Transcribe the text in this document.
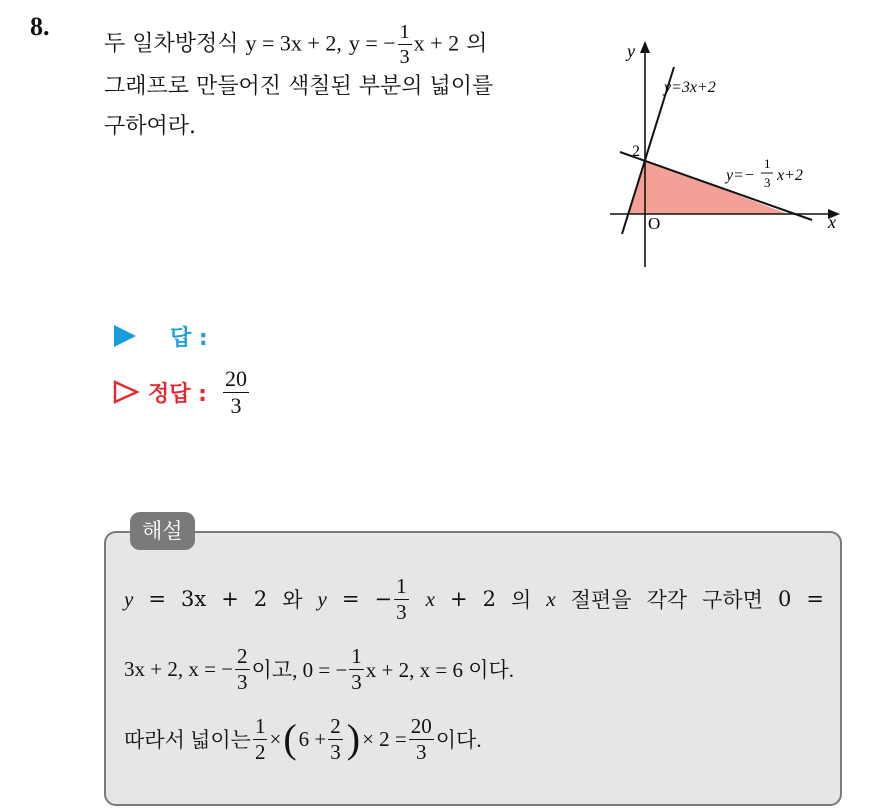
8.
두 일차방정식 y = 3x + 2, y = − $\frac{1}{3}$ x + 2 의
그래프로 만들어진 색칠된 부분의 넓이를
구하여라.
y
x
O
2
y=3x+2
y=−
1
3 x+2
답 :
정답 : $\frac{20}{3}$
해설
y = 3x + 2 와 y = − $\frac{1}{3}$ x + 2 의 x 절편을 각각 구하면 0 =
3x + 2, x = − $\frac{2}{3}$ 이고, 0 = − $\frac{1}{3}$ x + 2, x = 6 이다.
따라서 넓이는 $\frac{1}{2}$ × ( $6 + \frac{2}{3}$ ) × $2 = \frac{20}{3}$ 이다.
